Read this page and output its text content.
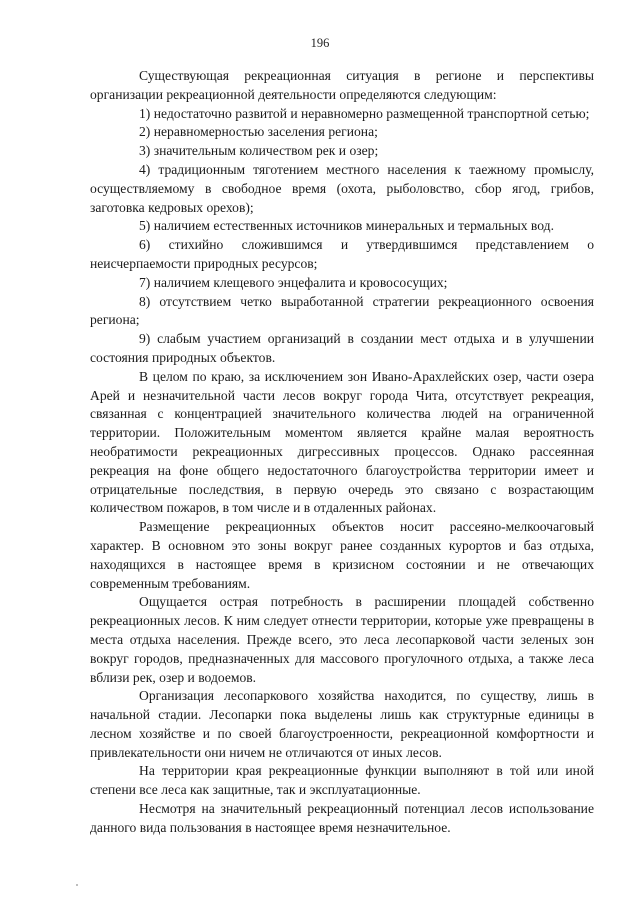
196

Существующая рекреационная ситуация в регионе и перспективы организации рекреационной деятельности определяются следующим:

1) недостаточно развитой и неравномерно размещенной транспортной сетью;

2) неравномерностью заселения региона;

3) значительным количеством рек и озер;

4) традиционным тяготением местного населения к таежному промыслу, осуществляемому в свободное время (охота, рыболовство, сбор ягод, грибов, заготовка кедровых орехов);

5) наличием естественных источников минеральных и термальных вод.

6) стихийно сложившимся и утвердившимся представлением о неисчерпаемости природных ресурсов;

7) наличием клещевого энцефалита и кровососущих;

8) отсутствием четко выработанной стратегии рекреационного освоения региона;

9) слабым участием организаций в создании мест отдыха и в улучшении состояния природных объектов.

В целом по краю, за исключением зон Ивано-Арахлейских озер, части озера Арей и незначительной части лесов вокруг города Чита, отсутствует рекреация, связанная с концентрацией значительного количества людей на ограниченной территории. Положительным моментом является крайне малая вероятность необратимости рекреационных дигрессивных процессов. Однако рассеянная рекреация на фоне общего недостаточного благоустройства территории имеет и отрицательные последствия, в первую очередь это связано с возрастающим количеством пожаров, в том числе и в отдаленных районах.

Размещение рекреационных объектов носит рассеяно-мелкоочаговый характер. В основном это зоны вокруг ранее созданных курортов и баз отдыха, находящихся в настоящее время в кризисном состоянии и не отвечающих современным требованиям.

Ощущается острая потребность в расширении площадей собственно рекреационных лесов. К ним следует отнести территории, которые уже превращены в места отдыха населения. Прежде всего, это леса лесопарковой части зеленых зон вокруг городов, предназначенных для массового прогулочного отдыха, а также леса вблизи рек, озер и водоемов.

Организация лесопаркового хозяйства находится, по существу, лишь в начальной стадии. Лесопарки пока выделены лишь как структурные единицы в лесном хозяйстве и по своей благоустроенности, рекреационной комфортности и привлекательности они ничем не отличаются от иных лесов.

На территории края рекреационные функции выполняют в той или иной степени все леса как защитные, так и эксплуатационные.

Несмотря на значительный рекреационный потенциал лесов использование данного вида пользования в настоящее время незначительное.
